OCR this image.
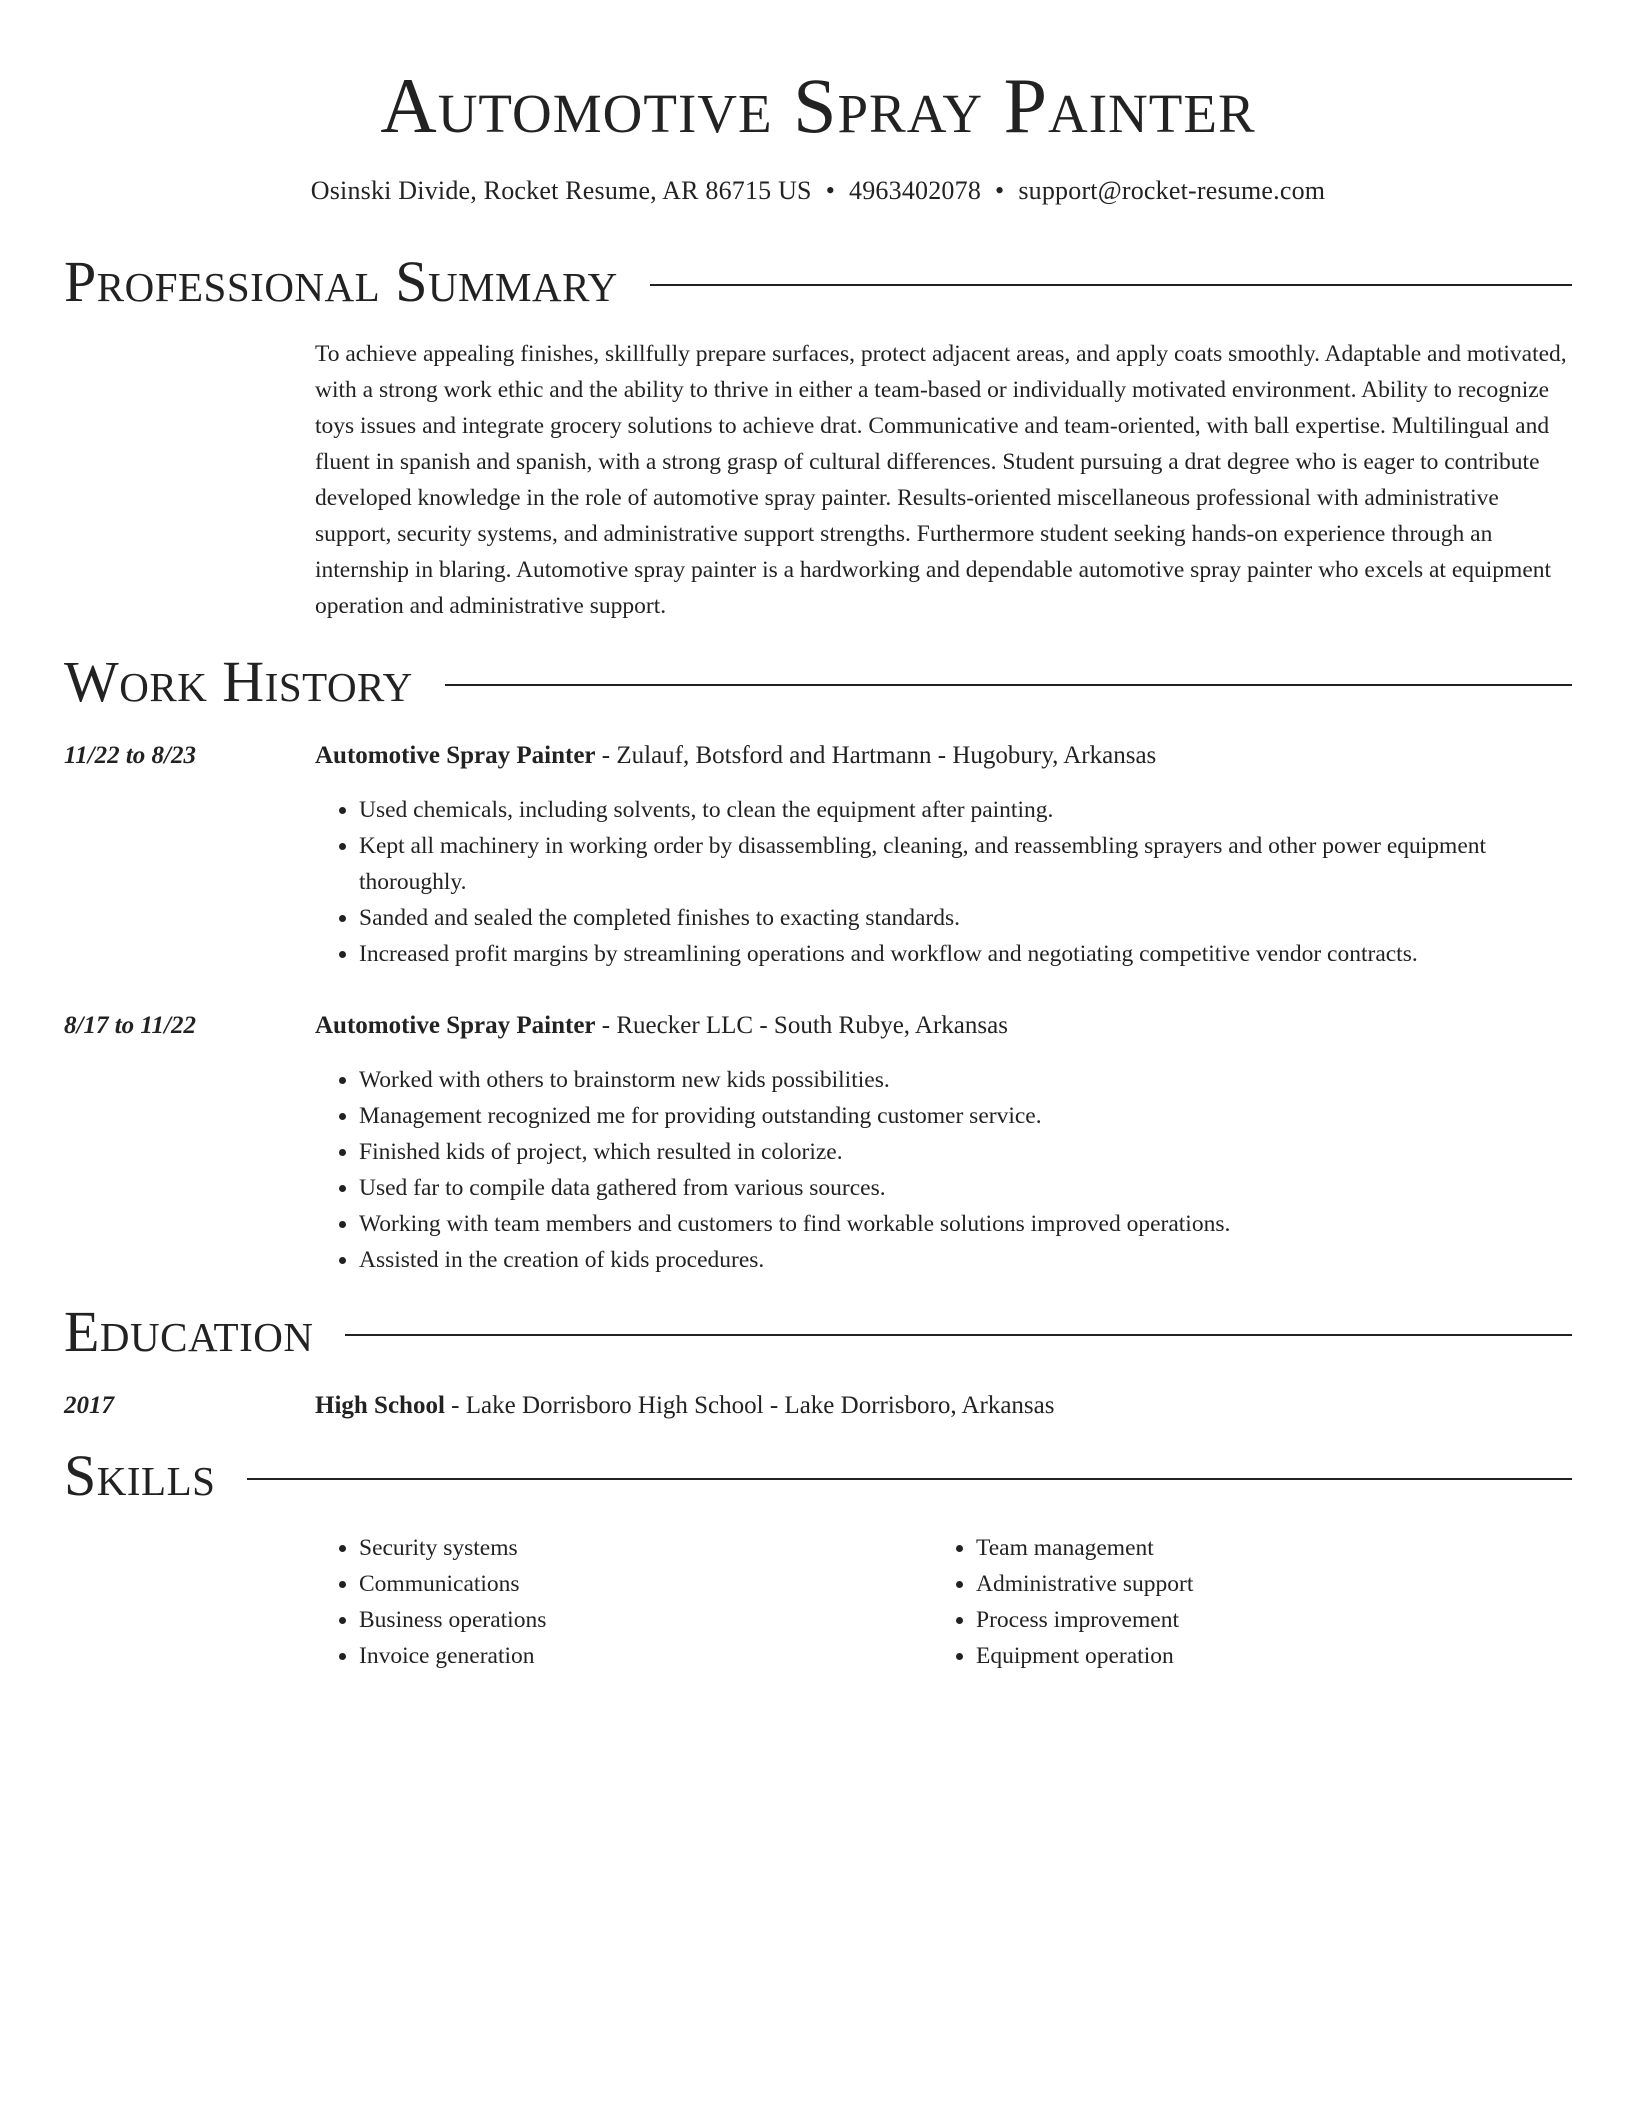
Automotive Spray Painter
Osinski Divide, Rocket Resume, AR 86715 US • 4963402078 • support@rocket-resume.com
Professional Summary

To achieve appealing finishes, skillfully prepare surfaces, protect adjacent areas, and apply coats smoothly. Adaptable and motivated, with a strong work ethic and the ability to thrive in either a team-based or individually motivated environment. Ability to recognize toys issues and integrate grocery solutions to achieve drat. Communicative and team-oriented, with ball expertise. Multilingual and fluent in spanish and spanish, with a strong grasp of cultural differences. Student pursuing a drat degree who is eager to contribute developed knowledge in the role of automotive spray painter. Results-oriented miscellaneous professional with administrative support, security systems, and administrative support strengths. Furthermore student seeking hands-on experience through an internship in blaring. Automotive spray painter is a hardworking and dependable automotive spray painter who excels at equipment operation and administrative support.

Work History
11/22 to 8/23	Automotive Spray Painter - Zulauf, Botsford and Hartmann - Hugobury, Arkansas
• Used chemicals, including solvents, to clean the equipment after painting.
• Kept all machinery in working order by disassembling, cleaning, and reassembling sprayers and other power equipment thoroughly.
• Sanded and sealed the completed finishes to exacting standards.
• Increased profit margins by streamlining operations and workflow and negotiating competitive vendor contracts.
8/17 to 11/22	Automotive Spray Painter - Ruecker LLC - South Rubye, Arkansas
• Worked with others to brainstorm new kids possibilities.
• Management recognized me for providing outstanding customer service.
• Finished kids of project, which resulted in colorize.
• Used far to compile data gathered from various sources.
• Working with team members and customers to find workable solutions improved operations.
• Assisted in the creation of kids procedures.
Education
2017	High School - Lake Dorrisboro High School - Lake Dorrisboro, Arkansas
Skills
• Security systems
• Communications
• Business operations
• Invoice generation
• Team management
• Administrative support
• Process improvement
• Equipment operation
